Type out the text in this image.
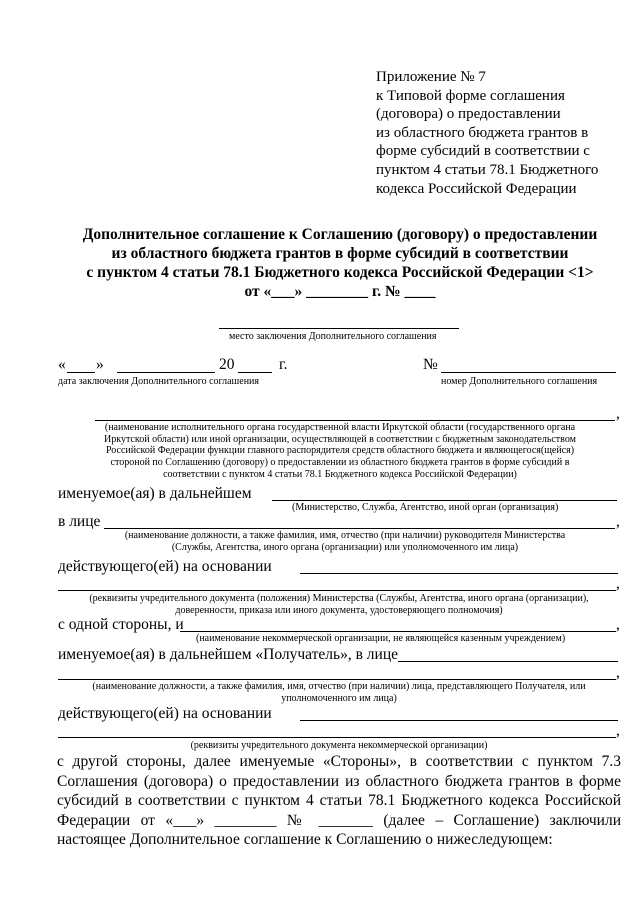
Приложение № 7
к Типовой форме соглашения
(договора) о предоставлении
из областного бюджета грантов в
форме субсидий в соответствии с
пунктом 4 статьи 78.1 Бюджетного
кодекса Российской Федерации
Дополнительное соглашение к Соглашению (договору) о предоставлении
из областного бюджета грантов в форме субсидий в соответствии
с пунктом 4 статьи 78.1 Бюджетного кодекса Российской Федерации <1>
от «___» ________ г. № ____
место заключения Дополнительного соглашения
« »	20	г.	№
дата заключения Дополнительного соглашения	номер Дополнительного соглашения
,
(наименование исполнительного органа государственной власти Иркутской области (государственного органа
Иркутской области) или иной организации, осуществляющей в соответствии с бюджетным законодательством
Российской Федерации функции главного распорядителя средств областного бюджета и являющегося(щейся)
стороной по Соглашению (договору) о предоставлении из областного бюджета грантов в форме субсидий в
соответствии с пунктом 4 статьи 78.1 Бюджетного кодекса Российской Федерации)
именуемое(ая) в дальнейшем
(Министерство, Служба, Агентство, иной орган (организация)
в лице	,
(наименование должности, а также фамилия, имя, отчество (при наличии) руководителя Министерства
(Службы, Агентства, иного органа (организации) или уполномоченного им лица)
действующего(ей) на основании
,
(реквизиты учредительного документа (положения) Министерства (Службы, Агентства, иного органа (организации),
доверенности, приказа или иного документа, удостоверяющего полномочия)
с одной стороны, и	,
(наименование некоммерческой организации, не являющейся казенным учреждением)
именуемое(ая) в дальнейшем «Получатель», в лице
,
(наименование должности, а также фамилия, имя, отчество (при наличии) лица, представляющего Получателя, или
уполномоченного им лица)
действующего(ей) на основании
,
(реквизиты учредительного документа некоммерческой организации)
с другой стороны, далее именуемые «Стороны», в соответствии с пунктом 7.3 Соглашения (договора) о предоставлении из областного бюджета грантов в форме субсидий в соответствии с пунктом 4 статьи 78.1 Бюджетного кодекса Российской Федерации от «___» ________ № _______ (далее – Соглашение) заключили настоящее Дополнительное соглашение к Соглашению о нижеследующем:
